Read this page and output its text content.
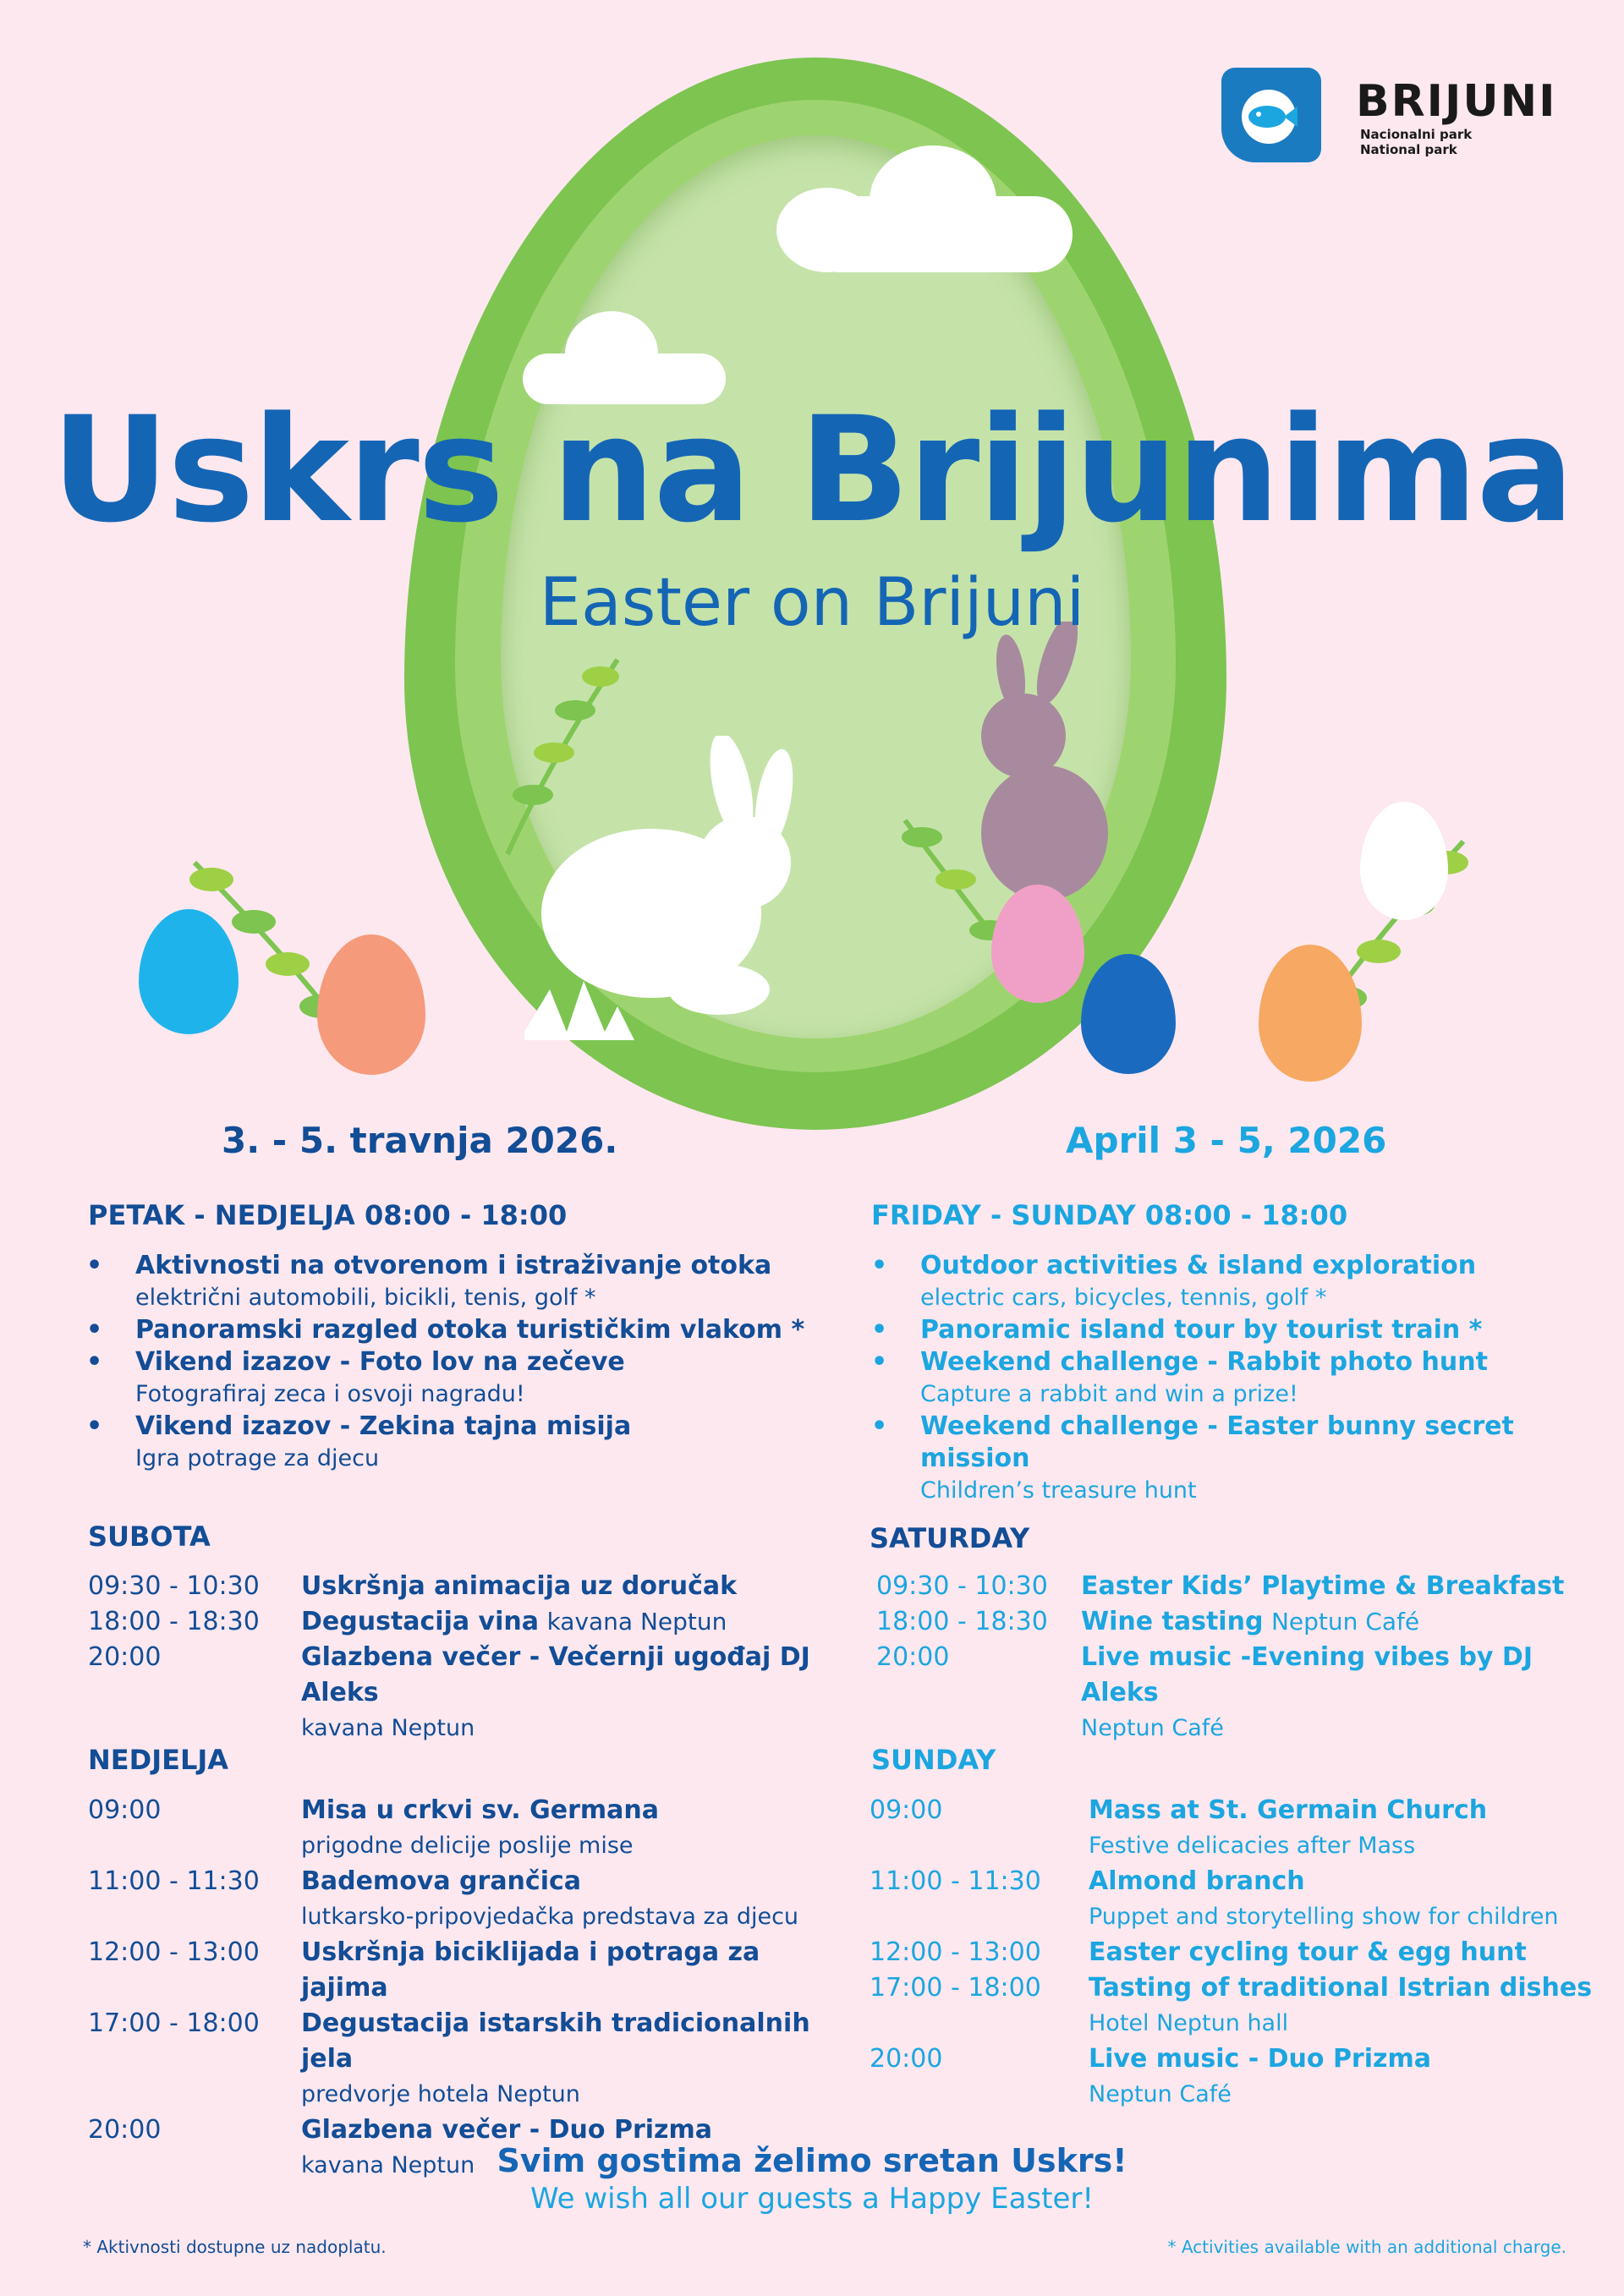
BRIJUNI
Nacionalni park
National park
Uskrs na Brijunima
Easter on Brijuni
3. - 5. travnja 2026.	April 3 - 5, 2026
PETAK - NEDJELJA 08:00 - 18:00	FRIDAY - SUNDAY 08:00 - 18:00
• Aktivnosti na otvorenom i istraživanje otoka
električni automobili, bicikli, tenis, golf *
• Panoramski razgled otoka turističkim vlakom *
• Vikend izazov - Foto lov na zečeve
Fotografiraj zeca i osvoji nagradu!
• Vikend izazov - Zekina tajna misija
Igra potrage za djecu
• Outdoor activities & island exploration
electric cars, bicycles, tennis, golf *
• Panoramic island tour by tourist train *
• Weekend challenge - Rabbit photo hunt
Capture a rabbit and win a prize!
• Weekend challenge - Easter bunny secret mission
Children’s treasure hunt
SUBOTA
09:30 - 10:30	Uskršnja animacija uz doručak
18:00 - 18:30	Degustacija vina kavana Neptun
20:00	Glazbena večer - Večernji ugođaj DJ Aleks
kavana Neptun
SATURDAY
09:30 - 10:30	Easter Kids’ Playtime & Breakfast
18:00 - 18:30	Wine tasting Neptun Café
20:00	Live music -Evening vibes by DJ Aleks
Neptun Café
NEDJELJA
09:00	Misa u crkvi sv. Germana
prigodne delicije poslije mise
11:00 - 11:30	Bademova grančica
lutkarsko-pripovjedačka predstava za djecu
12:00 - 13:00	Uskršnja biciklijada i potraga za jajima
17:00 - 18:00	Degustacija istarskih tradicionalnih jela
predvorje hotela Neptun
20:00	Glazbena večer - Duo Prizma
kavana Neptun
SUNDAY
09:00	Mass at St. Germain Church
Festive delicacies after Mass
11:00 - 11:30	Almond branch
Puppet and storytelling show for children
12:00 - 13:00	Easter cycling tour & egg hunt
17:00 - 18:00	Tasting of traditional Istrian dishes
Hotel Neptun hall
20:00	Live music - Duo Prizma
Neptun Café
Svim gostima želimo sretan Uskrs!
We wish all our guests a Happy Easter!
* Aktivnosti dostupne uz nadoplatu.	* Activities available with an additional charge.
